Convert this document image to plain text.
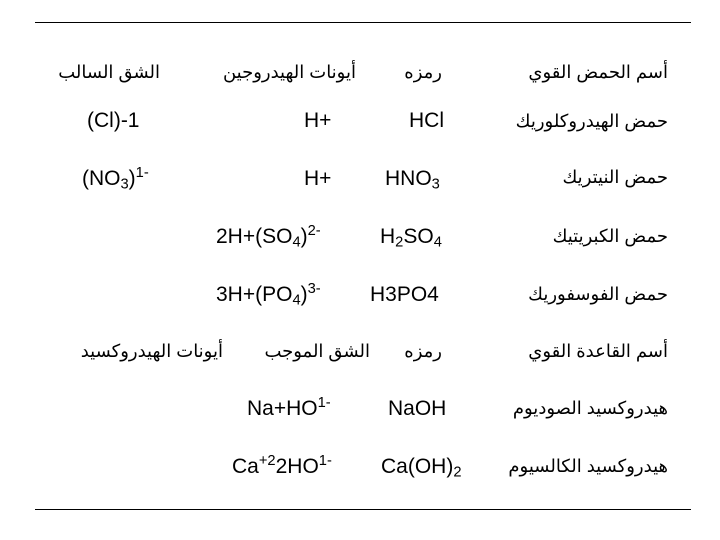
أسم الحمض القوي
رمزه
أيونات الهيدروجين
الشق السالب
حمض الهيدروكلوريك
HCl
H+
(Cl)-1
حمض النيتريك
$HNO_3$
H+
$(NO_3)^{1-}$
حمض الكبريتيك
$H_2SO_4$
$2H+(SO_4)^{2-}$
حمض الفوسفوريك
H3PO4
$3H+(PO_4)^{3-}$
أسم القاعدة القوي
رمزه
الشق الموجب
أيونات الهيدروكسيد
هيدروكسيد الصوديوم
NaOH
$Na+HO^{1-}$
هيدروكسيد الكالسيوم
$Ca(OH)_2$
$Ca^{+2}2HO^{1-}$
